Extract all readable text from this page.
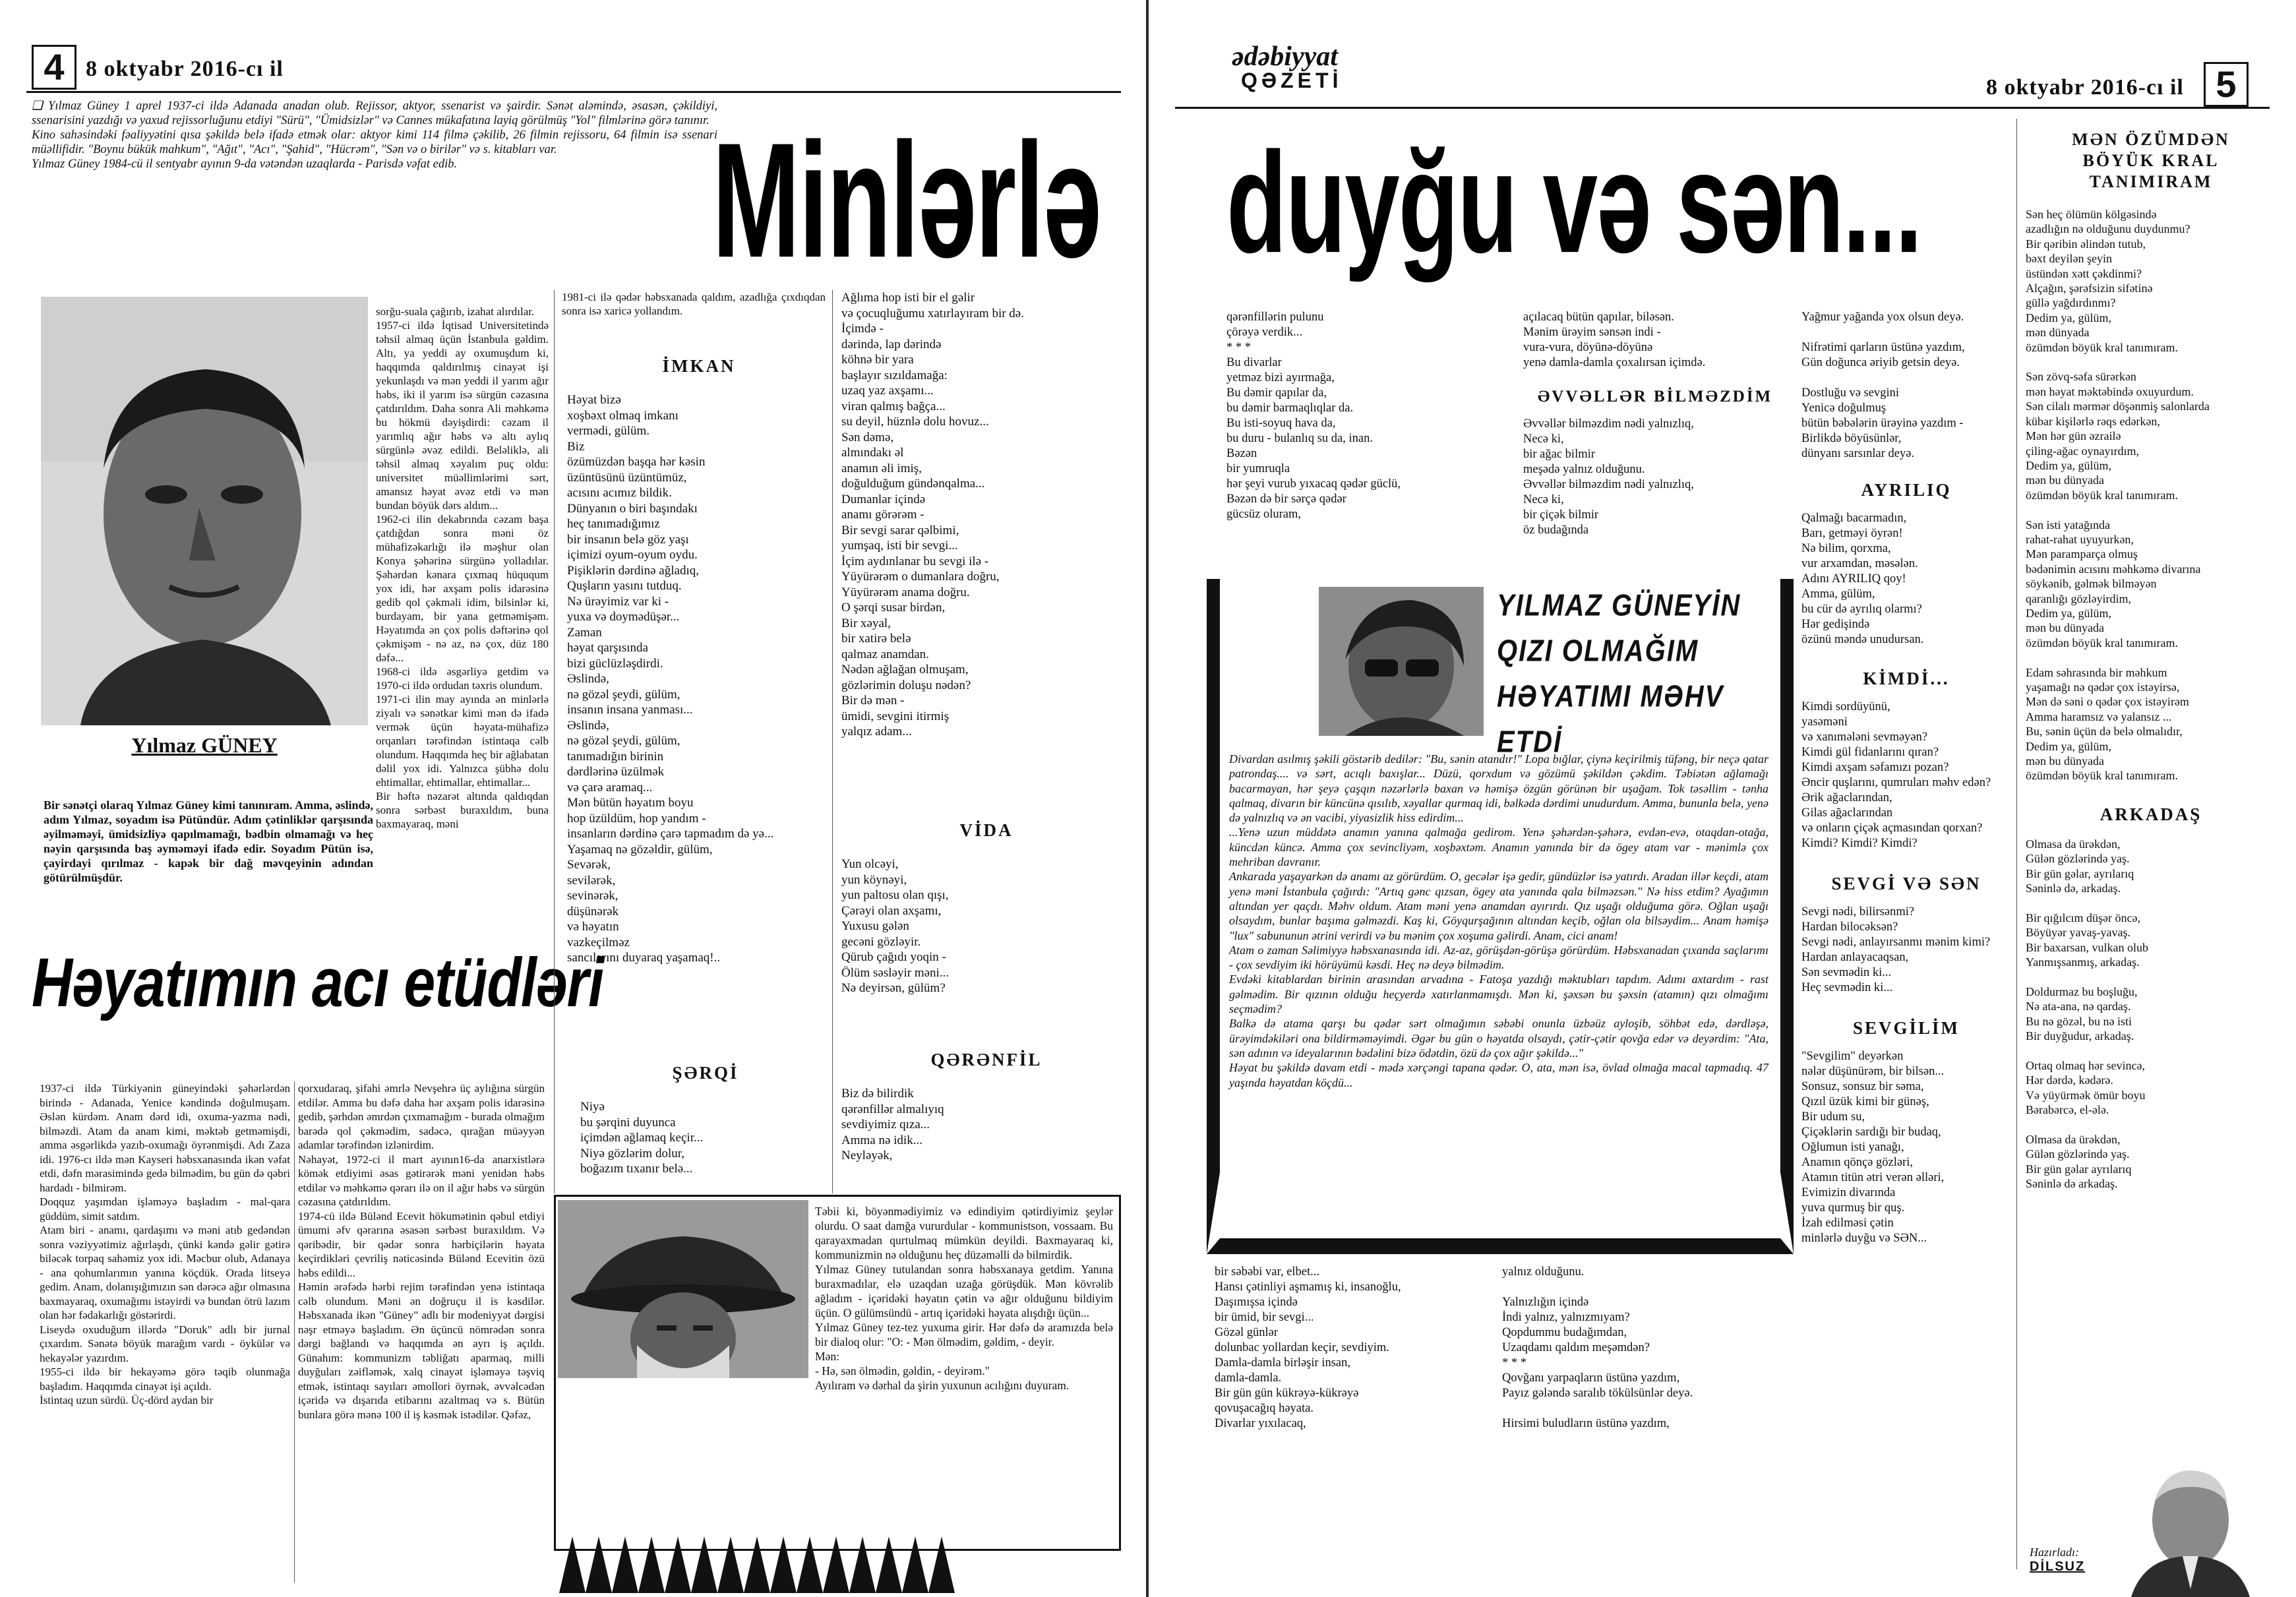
4 8 oktyabr 2016-cı il
❑ Yılmaz Güney 1 aprel 1937-ci ildə Adanada anadan olub. Rejissor, aktyor, ssenarist və şairdir. Sənət aləmində, əsasən, çəkildiyi, ssenarisini yazdığı və yaxud rejissorluğunu etdiyi "Sürü", "Ümidsizlər" və Cannes mükafatına layiq görülmüş "Yol" filmlərinə görə tanınır.
Kino sahəsindəki fəaliyyətini qısa şəkildə belə ifadə etmək olar: aktyor kimi 114 filmə çəkilib, 26 filmin rejissoru, 64 filmin isə ssenari müəllifidir. "Boynu bükük mahkum", "Ağıt", "Acı", "Şahid", "Hücrəm", "Sən və o birilər" və s. kitabları var.
Yılmaz Güney 1984-cü il sentyabr ayının 9-da vətəndən uzaqlarda - Parisdə vəfat edib.	Minlərlə
Yılmaz GÜNEY
sorğu-suala çağırıb, izahat alırdılar.
1957-ci ildə İqtisad Universitetində təhsil almaq üçün İstanbula gəldim. Altı, ya yeddi ay oxumuşdum ki, haqqımda qaldırılmış cinayət işi yekunlaşdı və mən yeddi il yarım ağır həbs, iki il yarım isə sürgün cəzasına çatdırıldım. Daha sonra Ali məhkəmə bu hökmü dəyişdirdi: cəzam il yarımlıq ağır həbs və altı aylıq sürgünlə əvəz edildi. Beləliklə, ali təhsil almaq xəyalım puç oldu: universitet müəllimlərimi sərt, amansız həyat əvəz etdi və mən bundan böyük dərs aldım...
1962-ci ilin dekabrında cəzam başa çatdığdan sonra məni öz mühafizəkarlığı ilə məşhur olan Konya şəhərinə sürgünə yolladılar. Şəhərdən kənara çıxmaq hüququm yox idi, hər axşam polis idarəsinə gedib qol çəkməli idim, bilsinlər ki, burdayam, bir yana getməmişəm. Həyatımda ən çox polis dəftərinə qol çəkmişəm - nə az, nə çox, düz 180 dəfə...
1968-ci ildə əsgərliyə getdim və 1970-ci ildə ordudan təxris olundum.
1971-ci ilin may ayında ən minlərlə ziyalı və sənətkar kimi mən də ifadə vermək üçün həyata-mühafizə orqanları tərəfindən istintaqa cəlb olundum. Haqqımda heç bir ağlabatan dəlil yox idi. Yalnızca şübhə dolu ehtimallar, ehtimallar, ehtimallar...
Bir həftə nəzarət altında qaldıqdan sonra sərbəst buraxıldım, buna baxmayaraq, məni
Bir sənətçi olaraq Yılmaz Güney kimi tanınıram. Amma, əslində, adım Yılmaz, soyadım isə Pütündür. Adım çətinliklər qarşısında əyilməməyi, ümidsizliyə qapılmamağı, bədbin olmamağı və heç nəyin qarşısında baş əyməməyi ifadə edir. Soyadım Pütün isə, çayirdayi qırılmaz - kapək bir dağ məvqeyinin adından götürülmüşdür.
Həyatımın acı etüdləri
1937-ci ildə Türkiyənin güneyindəki şəhərlərdən birində - Adanada, Yenice kəndində doğulmuşam. Əslən kürdəm. Anam dərd idi, oxuma-yazma nədi, bilməzdi. Atam da anam kimi, məktəb getməmişdi, amma əsgərlikdə yazıb-oxumağı öyrənmişdi. Adı Zaza idi. 1976-cı ildə mən Kayseri həbsxanasında ikən vəfat etdi, dəfn mərasimində gedə bilmədim, bu gün də qəbri hardadı - bilmirəm.
Doqquz yaşımdan işləməyə başladım - mal-qara güddüm, simit satdım.
Atam biri - anamı, qardaşımı və məni atıb gedəndən sonra vəziyyətimiz ağırlaşdı, çünki kəndə gəlir gətirə biləcək torpaq sahəmiz yox idi. Məcbur olub, Adanaya - ana qohumlarımın yanına köçdük. Orada litseyə gedim. Anam, dolanışığımızın sən dərəcə ağır olmasına baxmayaraq, oxumağımı istəyirdi və bundan ötrü lazım olan hər fədakarlığı göstərirdi.
Liseydə oxuduğum illərdə "Doruk" adlı bir jurnal çıxardım. Sənətə böyük marağım vardı - öykülər və hekayələr yazırdım.
1955-ci ildə bir hekayəmə görə təqib olunmağa başladım. Haqqımda cinayət işi açıldı.
İstintaq uzun sürdü. Üç-dörd aydan bir
qorxudaraq, şifahi əmrlə Nevşehrə üç aylığına sürgün etdilər. Amma bu dəfə daha hər axşam polis idarəsinə gedib, şərhdən əmrdən çıxmamağım - burada olmağım barədə qol çəkmədim, sadəcə, qırağan müəyyən adamlar tərəfindən izlənirdim.
Nəhayət, 1972-ci il mart ayının16-da anarxistlərə kömək etdiyimi əsas gətirərək məni yenidən həbs etdilər və məhkəmə qərarı ilə on il ağır həbs və sürgün cəzasına çatdırıldım.
1974-cü ildə Bülənd Ecevit hökumətinin qəbul etdiyi ümumi əfv qərarına əsasən sərbəst buraxıldım. Və qəribədir, bir qədər sonra hərbiçilərin həyata keçirdikləri çevriliş nəticəsində Bülənd Ecevitin özü həbs edildi...
Həmin ərəfədə hərbi rejim tərəfindən yenə istintaqa cəlb olundum. Məni ən doğruçu il is kəsdilər. Həbsxanada ikən "Güney" adlı bir modeniyyət dərgisi nəşr etməyə başladım. Ən üçüncü nömrədən sonra dərgi bağlandı və haqqımda ən ayrı iş açıldı. Günahım: kommunizm təbliğatı aparmaq, milli duyğuları zəifləmək, xalq cinayət işləməyə təşviq etmək, istintaqı sayıları əmollori öyrnək, əvvəlcədən içəridə və dışarıda etibarını azaltmaq və s. Bütün bunlara görə mənə 100 il iş kəsmək istədilər. Qəfəz,
1981-ci ilə qədər həbsxanada qaldım, azadlığa çıxdıqdan sonra isə xaricə yollandım.
İMKAN
Həyat bizə
xoşbəxt olmaq imkanı
vermədi, gülüm.
Biz
özümüzdən başqa hər kəsin
üzüntüsünü üzüntümüz,
acısını acımız bildik.
Dünyanın o biri başındakı
heç tanımadığımız
bir insanın belə göz yaşı
içimizi oyum-oyum oydu.
Pişiklərin dərdinə ağladıq,
Quşların yasını tutduq.
Nə ürəyimiz var ki -
yuxa və doymədüşər...
Zaman
həyat qarşısında
bizi güclüzləşdirdi.
Əslində,
nə gözəl şeydi, gülüm,
insanın insana yanması...
Əslində,
nə gözəl şeydi, gülüm,
tanımadığın birinin
dərdlərinə üzülmək
və çarə aramaq...
Mən bütün həyatım boyu
hop üzüldüm, hop yandım -
insanların dərdinə çarə tapmadım də yə...
Yaşamaq nə gözəldir, gülüm,
Sevərək,
sevilərək,
sevinərək,
düşünərək
və həyatın
vazkeçilməz
sancılarını duyaraq yaşamaq!..
ŞƏRQİ
Niyə
bu şərqini duyunca
içimdən ağlamaq keçir...
Niyə gözlərim dolur,
boğazım tıxanır belə...
Ağlıma hop isti bir el gəlir
və çocuqluğumu xatırlayıram bir də.
İçimdə -
dərində, lap dərində
köhnə bir yara
başlayır sızıldamağa:
uzaq yaz axşamı...
viran qalmış bağça...
su deyil, hüznlə dolu hovuz...
Sən dəmə,
almındakı əl
anamın əli imiş,
doğulduğum gündənqalma...
Dumanlar içində
anamı görərəm -
Bir sevgi sarar qəlbimi,
yumşaq, isti bir sevgi...
İçim aydınlanar bu sevgi ilə -
Yüyürərəm o dumanlara doğru,
Yüyürərəm anama doğru.
O şərqi susar birdən,
Bir xəyal,
bir xatirə belə
qalmaz anamdan.
Nədən ağlağan olmuşam,
gözlərimin doluşu nədən?
Bir də mən -
ümidi, sevgini itirmiş
yalqız adam...
VİDA
Yun olcəyi,
yun köynəyi,
yun paltosu olan qışı,
Çərəyi olan axşamı,
Yuxusu gələn
gecəni gözləyir.
Qürub çağıdı yoqin -
Ölüm səsləyir məni...
Nə deyirsən, gülüm?
QƏRƏNFİL
Biz də bilirdik
qərənfillər almalıyıq
sevdiyimiz qıza...
Amma nə idik...
Neyləyək,
Təbii ki, böyənmədiyimiz və edindiyim qətirdiyimiz şeylər olurdu. O saat damğa vururdular - kommunistson, vossaam. Bu qarayaxmadan qurtulmaq mümkün deyildi. Baxmayaraq ki, kommunizmin nə olduğunu heç düzəməlli də bilmirdik.
Yılmaz Güney tutulandan sonra həbsxanaya getdim. Yanına buraxmadılar, elə uzaqdan uzağa görüşdük. Mən kövrəlib ağladım - içəridəki həyatın çətin və ağır olduğunu bildiyim üçün. O gülümsündü - artıq içəridəki həyata alışdığı üçün...
Yılmaz Güney tez-tez yuxuma girir. Hər dəfə də aramızda belə bir dialoq olur: "O: - Mən ölmədim, gəldim, - deyir.
Mən:
- Hə, sən ölmədin, gəldin, - deyirəm."
Ayılıram və dərhal da şirin yuxunun acılığını duyuram.
ədəbiyyat
QƏZETİ	8 oktyabr 2016-cı il 5
duyğu və sən...
qərənfillərin pulunu
çörəyə verdik...
* * *
Bu divarlar
yetməz bizi ayırmağa,
Bu dəmir qapılar da,
bu dəmir barmaqlıqlar da.
Bu isti-soyuq hava da,
bu duru - bulanlıq su da, inan.
Bəzən
bir yumruqla
hər şeyi vurub yıxacaq qədər güclü,
Bəzən də bir sərçə qədər
gücsüz oluram,
açılacaq bütün qapılar, biləsən.
Mənim ürəyim sənsən indi -
vura-vura, döyünə-döyünə
yenə damla-damla çoxalırsan içimdə.
ƏVVƏLLƏR BİLMƏZDİM
Əvvəllər bilməzdim nədi yalnızlıq,
Necə ki,
bir ağac bilmir
meşədə yalnız olduğunu.
Əvvəllər bilməzdim nədi yalnızlıq,
Necə ki,
bir çiçək bilmir
öz budağında
YILMAZ GÜNEYİN QIZI OLMAĞIM HƏYATIMI MƏHV ETDİ
Divardan asılmış şəkili göstərib dedilər: "Bu, sənin atandır!" Lopa bığlar, çiynə keçirilmiş tüfəng, bir neçə qatar patrondaş.... və sərt, acıqlı baxışlar... Düzü, qorxdum və gözümü şəkildən çəkdim. Təbiətən ağlamağı bacarmayan, hər şeyə çaşqın nəzərlərlə baxan və həmişə özgün görünən bir uşağam. Tok təsəllim - tənha qalmaq, divarın bir küncünə qısılıb, xəyallar qurmaq idi, bəlkədə dərdimi unudurdum. Amma, bununla belə, yenə də yalnızlıq və ən vacibi, yiyasizlik hiss edirdim...
...Yenə uzun müddətə anamın yanına qalmağa gedirom. Yenə şəhərdən-şəhərə, evdən-evə, otaqdan-otağa, küncdən küncə. Amma çox sevincliyəm, xoşbəxtəm. Anamın yanında bir də ögey atam var - mənimlə çox mehriban davranır.
Ankarada yaşayarkən də anamı az görürdüm. O, gecələr işə gedir, gündüzlər isə yatırdı. Aradan illər keçdi, atam yenə məni İstanbula çağırdı: "Artıq gənc qızsan, ögey ata yanında qala bilməzsən." Nə hiss etdim? Ayağımın altından yer qaçdı. Məhv oldum. Atam məni yenə anamdan ayırırdı. Qız uşağı olduğuma görə. Oğlan uşağı olsaydım, bunlar başıma gəlməzdi. Kaş ki, Göyqurşağının altından keçib, oğlan ola bilsəydim... Anam həmişə "lux" sabununun ətrini verirdi və bu mənim çox xoşuma gəlirdi. Anam, cici anam!
Atam o zaman Səlimiyyə həbsxanasında idi. Az-az, görüşdən-görüşə görürdüm. Həbsxanadan çıxanda saçlarımı - çox sevdiyim iki hörüyümü kəsdi. Heç nə deyə bilmədim.
Evdəki kitablardan birinin arasından arvadına - Fatoşa yazdığı məktubları tapdım. Adımı axtardım - rast gəlmədim. Bir qızının olduğu heçyerdə xatırlanmamışdı. Mən ki, şəxsən bu şəxsin (atamın) qızı olmağımı seçmədim?
Balkə də atama qarşı bu qədər sərt olmağımın səbəbi onunla üzbəüz ayloşib, söhbət edə, dərdləşə, ürəyimdəkiləri ona bildirməməyimdi. Əgər bu gün o həyatda olsaydı, çətir-çətir qovğa edər və deyərdim: "Ata, sən adının və ideyalarının bədəlini bizə ödətdin, özü də çox ağır şəkildə..."
Həyat bu şəkildə davam etdi - mədə xərçəngi tapana qədər. O, ata, mən isə, övlad olmağa macal tapmadıq. 47 yaşında həyatdan köçdü...
bir səbəbi var, elbet...
Hansı çətinliyi aşmamış ki, insanoğlu,
Daşımışsa içində
bir ümid, bir sevgi...
Gözəl günlər
dolunbac yollardan keçir, sevdiyim.
Damla-damla birləşir insan,
damla-damla.
Bir gün gün kükrəyə-kükrəyə
qovuşacağıq həyata.
Divarlar yıxılacaq,
yalnız olduğunu.

Yalnızlığın içində
İndi yalnız, yalnızmıyam?
Qopdummu budağımdan,
Uzaqdamı qaldım meşəmdən?
* * *
Qovğanı yarpaqların üstünə yazdım,
Payız gələndə saralıb tökülsünlər deyə.

Hirsimi buludların üstünə yazdım,
Yağmur yağanda yox olsun deyə.

Nifrətimi qarların üstünə yazdım,
Gün doğunca əriyib getsin deyə.

Dostluğu və sevgini
Yenicə doğulmuş
bütün bəbələrin ürəyinə yazdım -
Birlikdə böyüsünlər,
dünyanı sarsınlar deyə.
AYRILIQ
Qalmağı bacarmadın,
Barı, getməyi öyrən!
Nə bilim, qorxma,
vur arxamdan, məsələn.
Adını AYRILIQ qoy!
Amma, gülüm,
bu cür də ayrılıq olarmı?
Hər gedişində
özünü məndə unudursan.
KİMDİ...
Kimdi sordüyünü,
yasəməni
və xanımələni sevməyən?
Kimdi gül fidanlarını qıran?
Kimdi axşam səfamızı pozan?
Əncir quşlarını, qumruları məhv edən?
Ərik ağaclarından,
Gilas ağaclarından
və onların çiçək açmasından qorxan?
Kimdi? Kimdi? Kimdi?
SEVGİ VƏ SƏN
Sevgi nədi, bilirsənmi?
Hardan bilocəksən?
Sevgi nədi, anlayırsanmı mənim kimi?
Hardan anlayacaqsan,
Sən sevmədin ki...
Heç sevmədin ki...
SEVGİLİM
"Sevgilim" deyərkən
nələr düşünürəm, bir bilsən...
Sonsuz, sonsuz bir səma,
Qızıl üzük kimi bir günəş,
Bir udum su,
Çiçəklərin sardığı bir budaq,
Oğlumun isti yanağı,
Anamın qönçə gözləri,
Atamın titün ətri verən əlləri,
Evimizin divarında
yuva qurmuş bir quş.
İzah edilməsi çətin
minlərlə duyğu və SƏN...
MƏN ÖZÜMDƏN BÖYÜK KRAL TANIMIRAM
Sən heç ölümün kölgəsində
azadlığın nə olduğunu duydunmu?
Bir qəribin əlindən tutub,
bəxt deyilən şeyin
üstündən xətt çəkdinmi?
Alçağın, şərəfsizin sifətinə
güllə yağdırdınmı?
Dedim ya, gülüm,
mən dünyada
özümdən böyük kral tanımıram.

Sən zövq-səfa sürərkən
mən həyat məktəbində oxuyurdum.
Sən cilalı mərmər döşənmiş salonlarda
kübar kişilərlə rəqs edərkən,
Mən hər gün əzrailə
çiling-ağac oynayırdım,
Dedim ya, gülüm,
mən bu dünyada
özümdən böyük kral tanımıram.

Sən isti yatağında
rahat-rahat uyuyurkən,
Mən paramparça olmuş
bədənimin acısını məhkəmə divarına
söykənib, gəlmək bilməyən
qaranlığı gözləyirdim,
Dedim ya, gülüm,
mən bu dünyada
özümdən böyük kral tanımıram.

Edam səhrasında bir məhkum
yaşamağı nə qədər çox istəyirsə,
Mən də səni o qədər çox istəyirəm
Amma haramsız və yalansız ...
Bu, sənin üçün də belə olmalıdır,
Dedim ya, gülüm,
mən bu dünyada
özümdən böyük kral tanımıram.
ARKADAŞ
Olmasa da ürəkdən,
Gülən gözlərində yaş.
Bir gün gəlar, ayrılarıq
Səninlə də, arkadaş.

Bir qığılcım düşər öncə,
Böyüyər yavaş-yavaş.
Bir baxarsan, vulkan olub
Yanmışsanmış, arkadaş.

Doldurmaz bu boşluğu,
Nə ata-ana, nə qardaş.
Bu nə gözəl, bu nə isti
Bir duyğudur, arkadaş.

Ortaq olmaq hər sevincə,
Hər dərdə, kədərə.
Və yüyürmək ömür boyu
Bərabərcə, el-ələ.

Olmasa da ürəkdən,
Gülən gözlərində yaş.
Bir gün gəlar ayrılarıq
Səninlə də arkadaş.
Hazırladı:
DİLSUZ
